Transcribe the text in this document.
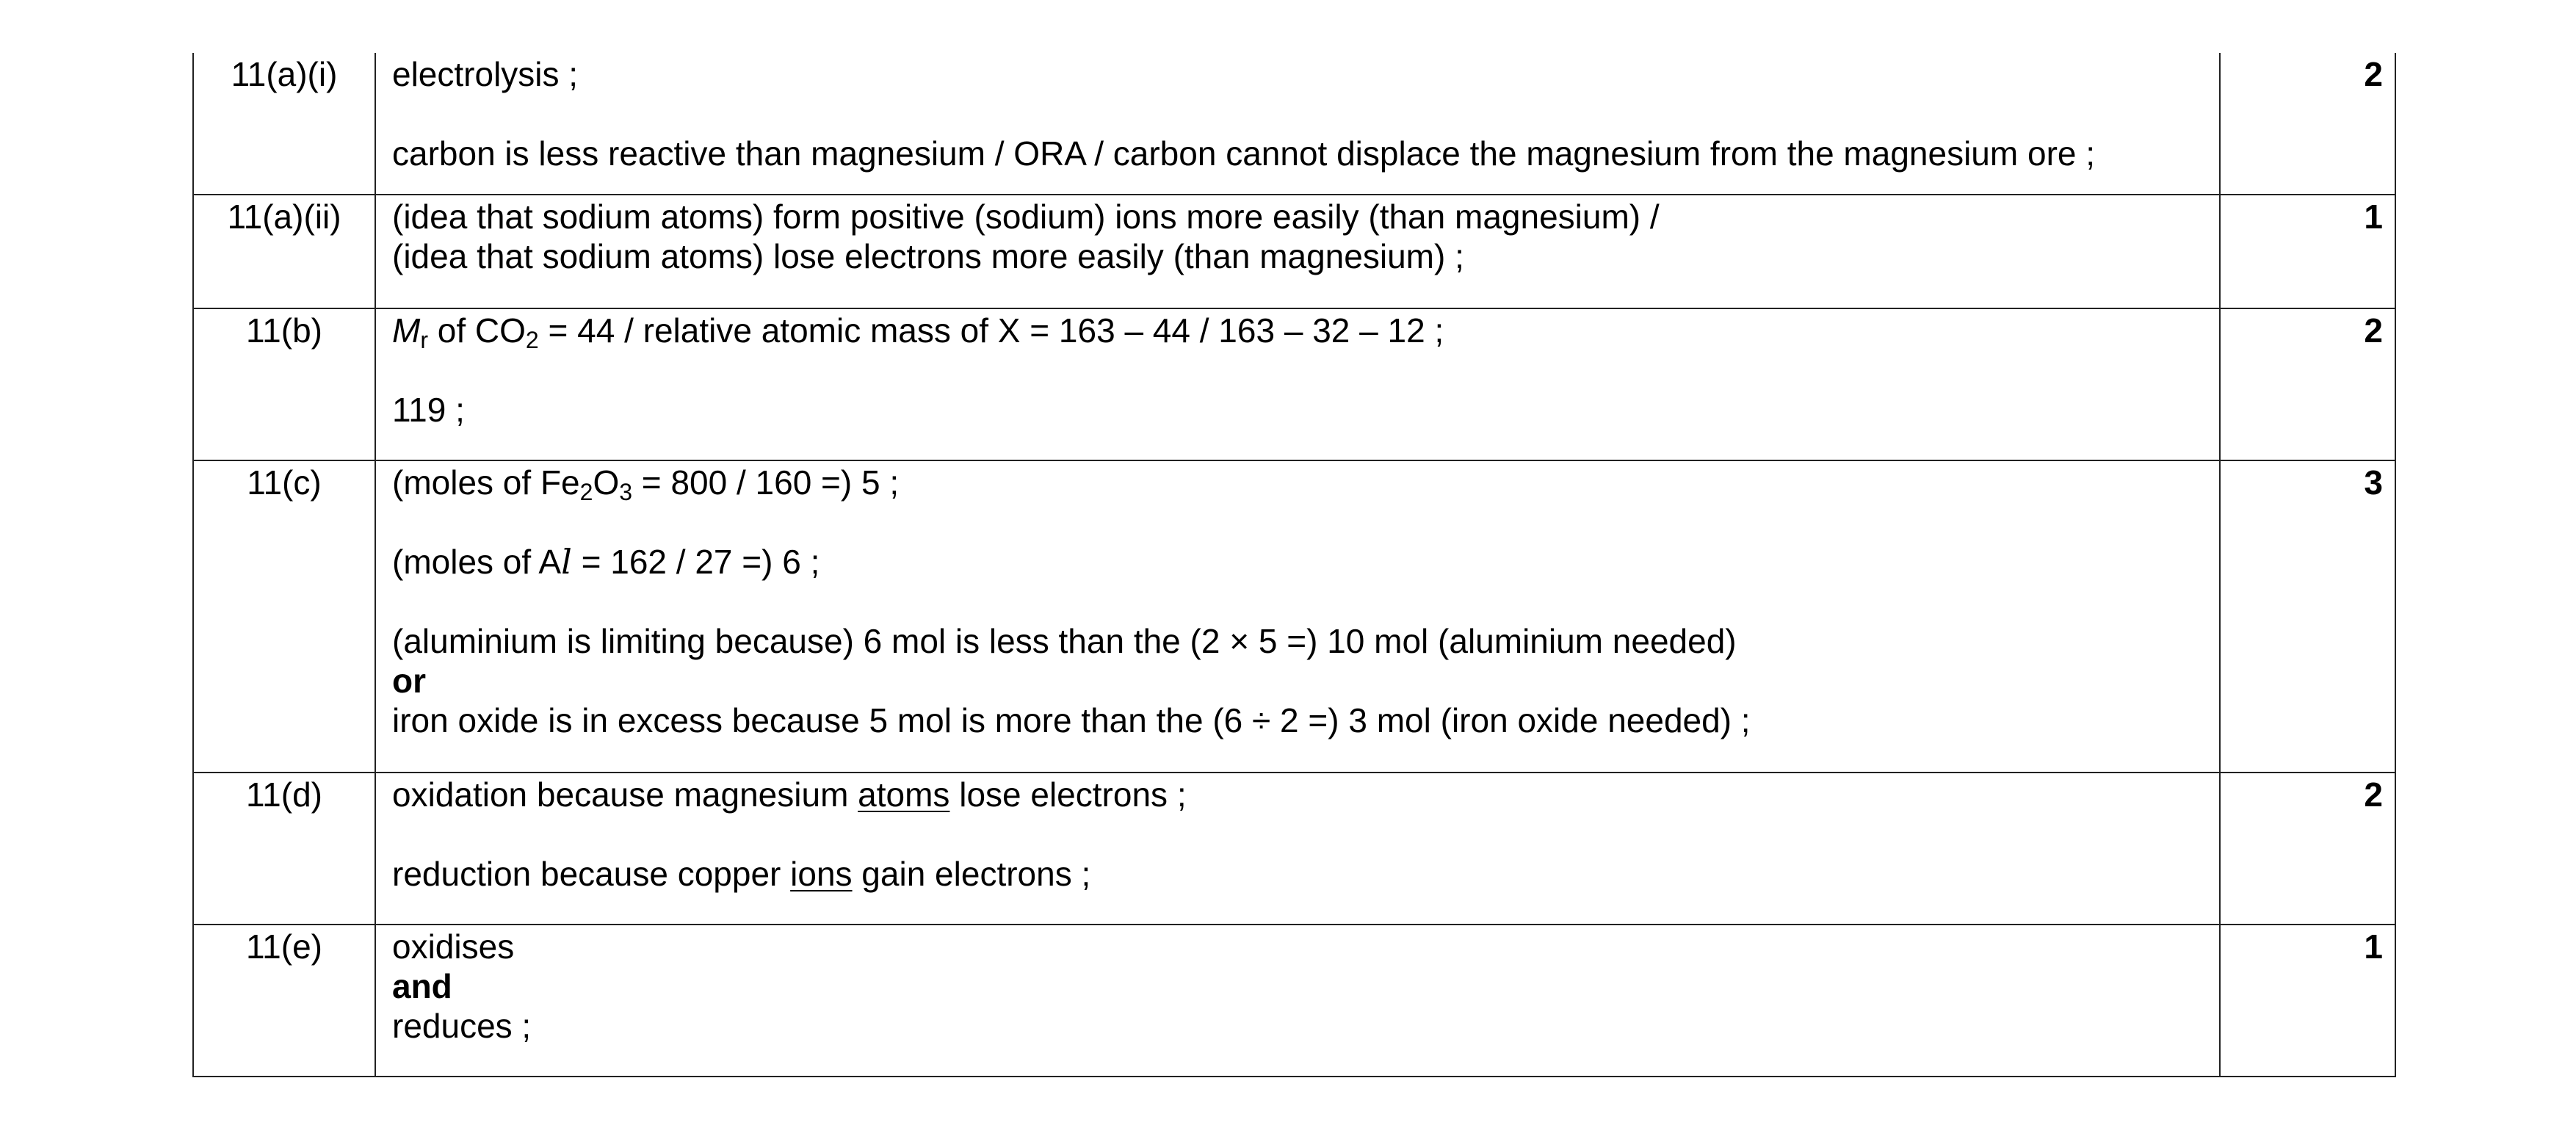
11(a)(i)	electrolysis ;

carbon is less reactive than magnesium / ORA / carbon cannot displace the magnesium from the magnesium ore ;	2
11(a)(ii)	(idea that sodium atoms) form positive (sodium) ions more easily (than magnesium) /

(idea that sodium atoms) lose electrons more easily (than magnesium) ;	1
11(b)	$M_r$ of $CO_2 = 44$ / relative atomic mass of X = 163 – 44 / 163 – 32 – 12 ;

119 ;	2
11(c)	(moles of $Fe_2O_3 = 800 / 160$ =) 5 ;

(moles of Al = 162 / 27 =) 6 ;

(aluminium is limiting because) 6 mol is less than the (2 × 5 =) 10 mol (aluminium needed)

or

iron oxide is in excess because 5 mol is more than the (6 ÷ 2 =) 3 mol (iron oxide needed) ;	3
11(d)	oxidation because magnesium atoms lose electrons ;

reduction because copper ions gain electrons ;	2
11(e)	oxidises

and

reduces ;	1
